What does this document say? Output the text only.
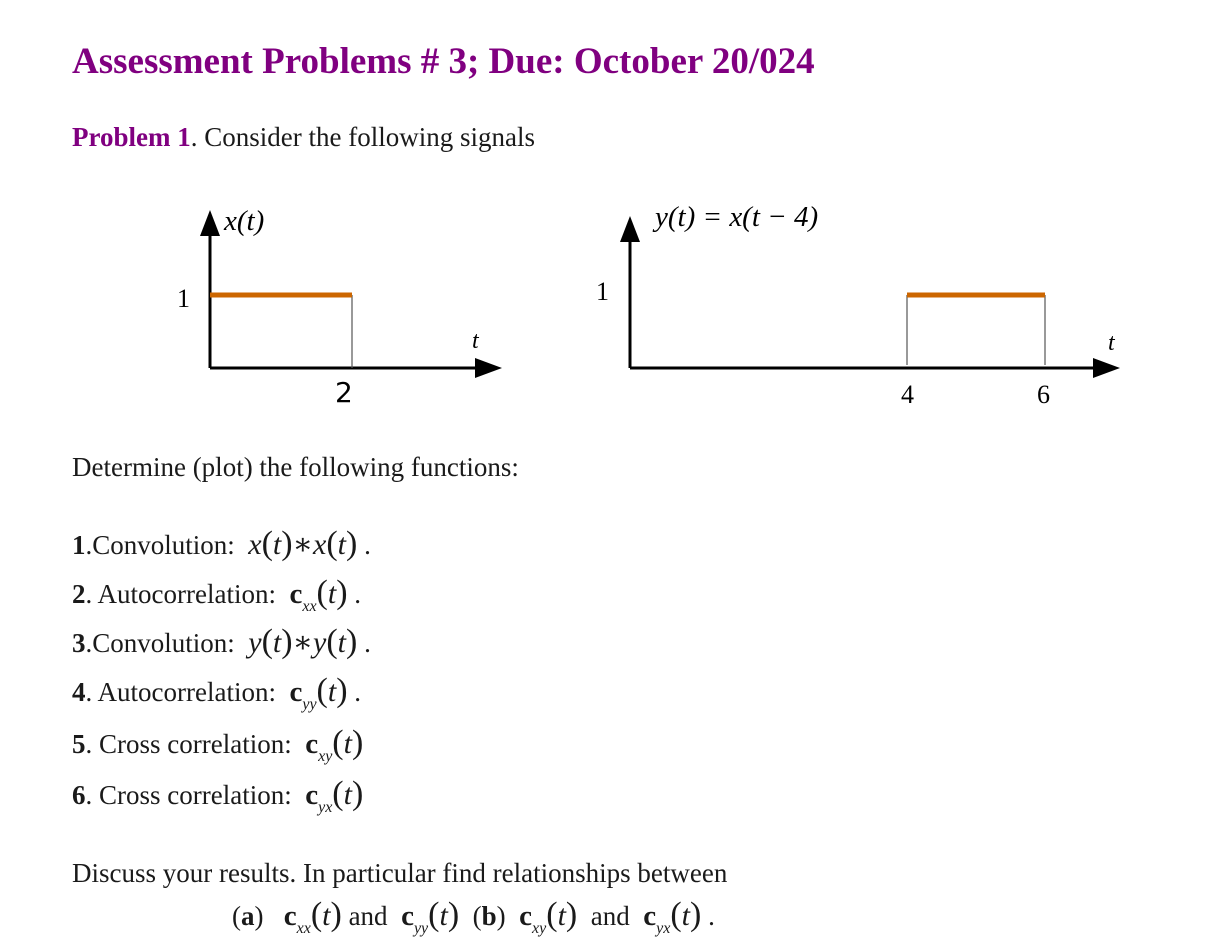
Assessment Problems # 3; Due: October 20/024
Problem 1. Consider the following signals
x(t)
1
2
t
y(t) = x(t − 4)
1
4	6
t
Determine (plot) the following functions:
1.Convolution: x(t)∗x(t) .
2. Autocorrelation: $c_{xx}(t)$ .
3.Convolution: y(t)∗y(t) .
4. Autocorrelation: $c_{yy}(t)$ .
5. Cross correlation: $c_{xy}(t)$
6. Cross correlation: $c_{yx}(t)$
Discuss your results. In particular find relationships between
(a)   $c_{xx}(t)$ and $c_{yy}(t)$  (b)  $c_{xy}(t)$ and $c_{yx}(t)$ .
